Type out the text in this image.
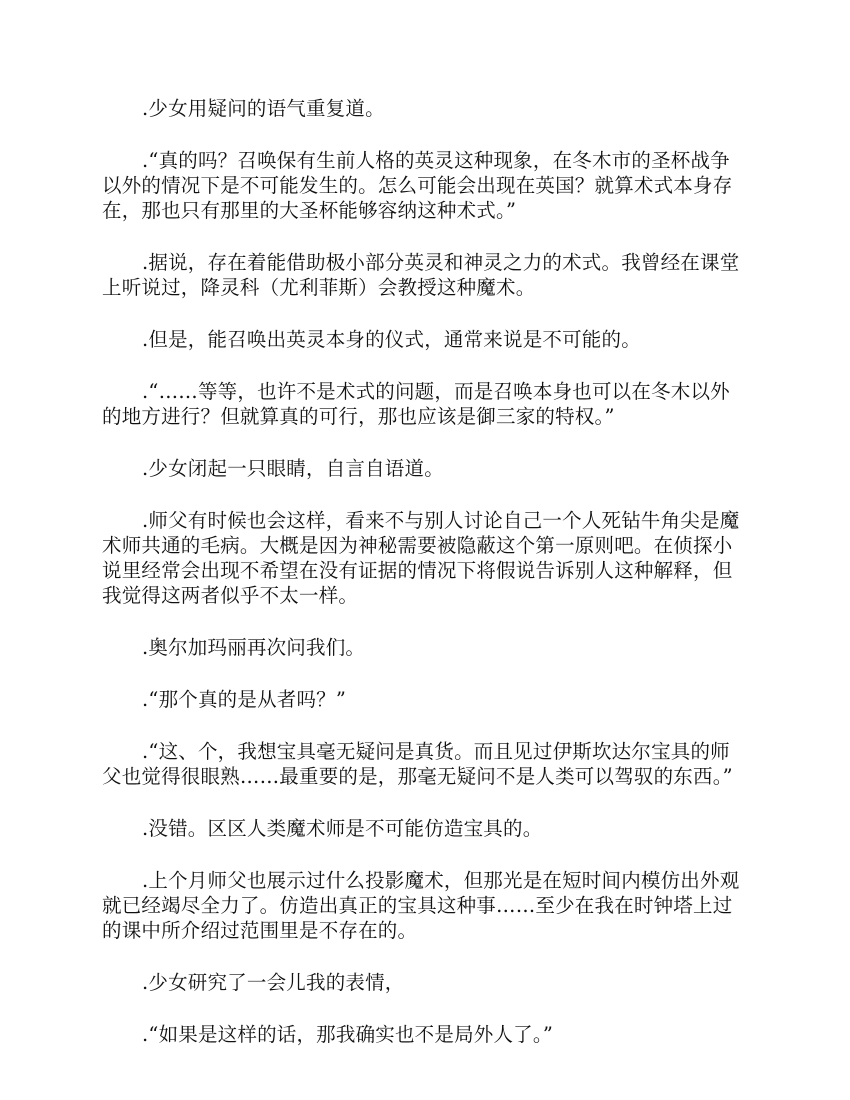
.少女用疑问的语气重复道。

.“真的吗？召唤保有生前人格的英灵这种现象，在冬木市的圣杯战争以外的情况下是不可能发生的。怎么可能会出现在英国？就算术式本身存在，那也只有那里的大圣杯能够容纳这种术式。”

.据说，存在着能借助极小部分英灵和神灵之力的术式。我曾经在课堂上听说过，降灵科（尤利菲斯）会教授这种魔术。

.但是，能召唤出英灵本身的仪式，通常来说是不可能的。

.“……等等，也许不是术式的问题，而是召唤本身也可以在冬木以外的地方进行？但就算真的可行，那也应该是御三家的特权。”

.少女闭起一只眼睛，自言自语道。

.师父有时候也会这样，看来不与别人讨论自己一个人死钻牛角尖是魔术师共通的毛病。大概是因为神秘需要被隐蔽这个第一原则吧。在侦探小说里经常会出现不希望在没有证据的情况下将假说告诉别人这种解释，但我觉得这两者似乎不太一样。

.奥尔加玛丽再次问我们。

.“那个真的是从者吗？”

.“这、个，我想宝具毫无疑问是真货。而且见过伊斯坎达尔宝具的师父也觉得很眼熟……最重要的是，那毫无疑问不是人类可以驾驭的东西。”

.没错。区区人类魔术师是不可能仿造宝具的。

.上个月师父也展示过什么投影魔术，但那光是在短时间内模仿出外观就已经竭尽全力了。仿造出真正的宝具这种事……至少在我在时钟塔上过的课中所介绍过范围里是不存在的。

.少女研究了一会儿我的表情，

.“如果是这样的话，那我确实也不是局外人了。”
